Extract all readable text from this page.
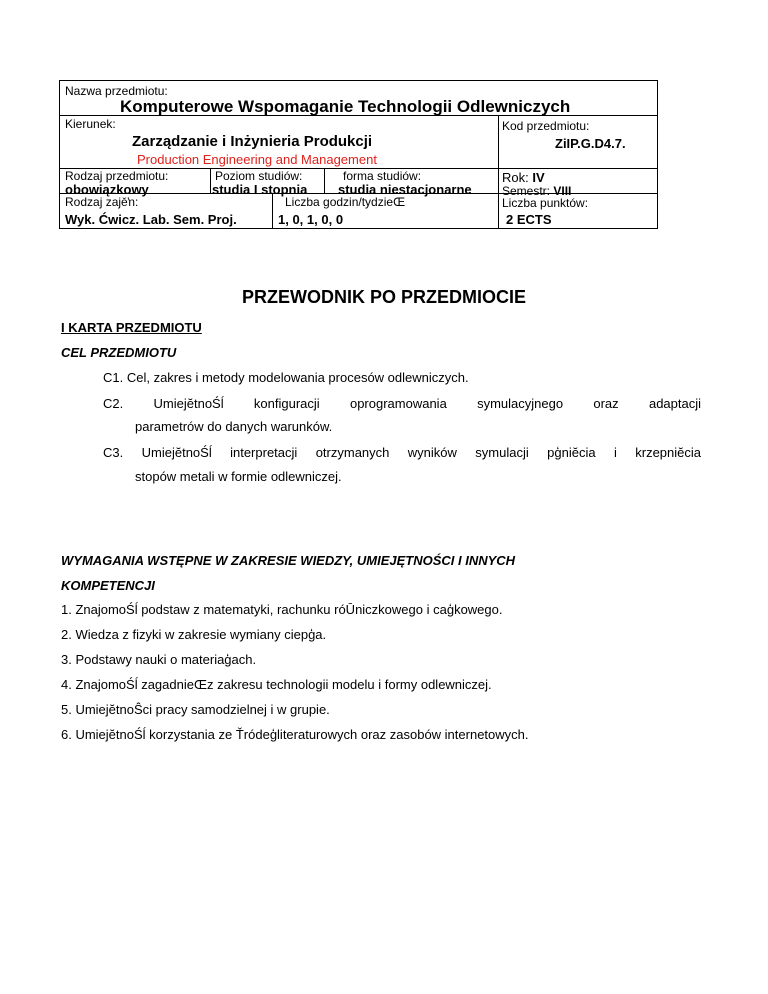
Nazwa przedmiotu:
Komputerowe Wspomaganie Technologii Odlewniczych
Kierunek:
Zarządzanie i Inżynieria Produkcji
Production Engineering and Management
Kod przedmiotu:
ZiIP.G.D4.7.
Rodzaj przedmiotu:
obowiązkowy
Poziom studiów:
studia I stopnia
forma studiów:
studia niestacjonarne
Rok: IV
Semestr: VIII
Rodzaj zajěŉ:
Wyk. Ćwicz. Lab. Sem. Proj.
Liczba godzin/tydzieŒ
1, 0, 1, 0, 0
Liczba punktów:
2 ECTS
PRZEWODNIK PO PRZEDMIOCIE
I KARTA PRZEDMIOTU
CEL PRZEDMIOTU
C1. Cel, zakres i metody modelowania procesów odlewniczych.
C2. UmiejĕtnoŚĺ konfiguracji oprogramowania symulacyjnego oraz adaptacji
parametrów do danych warunków.
C3. UmiejĕtnoŚĺ interpretacji otrzymanych wyników symulacji pģniĕcia i krzepniĕcia
stopów metali w formie odlewniczej.
WYMAGANIA WSTĘPNE W ZAKRESIE WIEDZY, UMIEJĘTNOŚCI I INNYCH
KOMPETENCJI
1. ZnajomoŚĺ podstaw z matematyki, rachunku róŪniczkowego i caģkowego.
2. Wiedza z fizyki w zakresie wymiany ciepģa.
3. Podstawy nauki o materiaģach.
4. ZnajomoŚĺ zagadnieŒz zakresu technologii modelu i formy odlewniczej.
5. UmiejĕtnoŜci pracy samodzielnej i w grupie.
6. UmiejĕtnoŚĺ korzystania ze Ťródeģliteraturowych oraz zasobów internetowych.
